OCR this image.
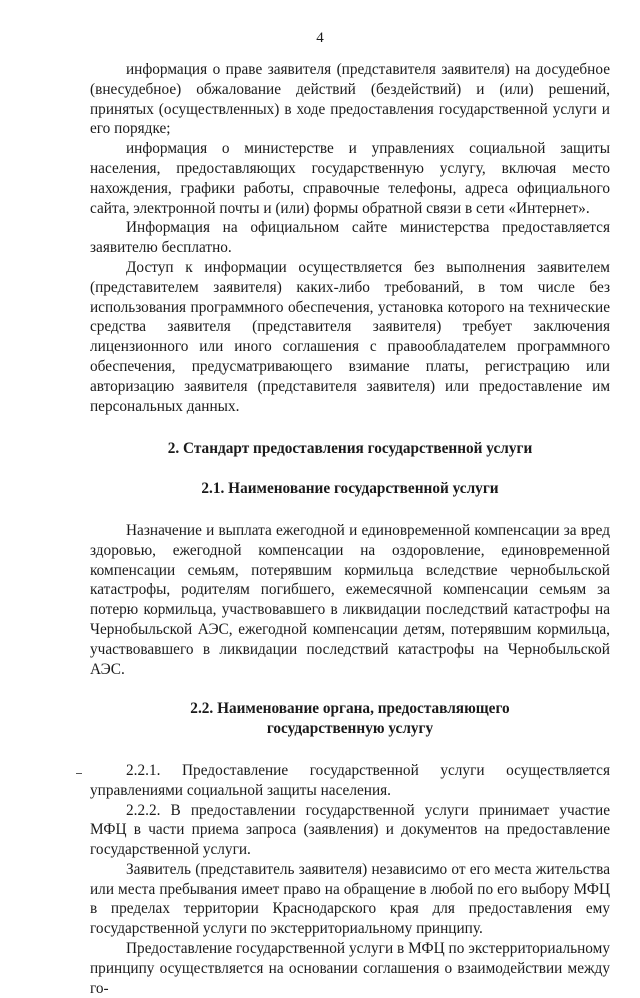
4

информация о праве заявителя (представителя заявителя) на досудебное (внесудебное) обжалование действий (бездействий) и (или) решений, принятых (осуществленных) в ходе предоставления государственной услуги и его порядке;

информация о министерстве и управлениях социальной защиты населения, предоставляющих государственную услугу, включая место нахождения, графики работы, справочные телефоны, адреса официального сайта, электронной почты и (или) формы обратной связи в сети «Интернет».

Информация на официальном сайте министерства предоставляется заявителю бесплатно.

Доступ к информации осуществляется без выполнения заявителем (представителем заявителя) каких-либо требований, в том числе без использования программного обеспечения, установка которого на технические средства заявителя (представителя заявителя) требует заключения лицензионного или иного соглашения с правообладателем программного обеспечения, предусматривающего взимание платы, регистрацию или авторизацию заявителя (представителя заявителя) или предоставление им персональных данных.

2. Стандарт предоставления государственной услуги
2.1. Наименование государственной услуги

Назначение и выплата ежегодной и единовременной компенсации за вред здоровью, ежегодной компенсации на оздоровление, единовременной компенсации семьям, потерявшим кормильца вследствие чернобыльской катастрофы, родителям погибшего, ежемесячной компенсации семьям за потерю кормильца, участвовавшего в ликвидации последствий катастрофы на Чернобыльской АЭС, ежегодной компенсации детям, потерявшим кормильца, участвовавшего в ликвидации последствий катастрофы на Чернобыльской АЭС.

2.2. Наименование органа, предоставляющего
государственную услугу

2.2.1. Предоставление государственной услуги осуществляется управлениями социальной защиты населения.

2.2.2. В предоставлении государственной услуги принимает участие МФЦ в части приема запроса (заявления) и документов на предоставление государственной услуги.

Заявитель (представитель заявителя) независимо от его места жительства или места пребывания имеет право на обращение в любой по его выбору МФЦ в пределах территории Краснодарского края для предоставления ему государственной услуги по экстерриториальному принципу.

Предоставление государственной услуги в МФЦ по экстерриториальному принципу осуществляется на основании соглашения о взаимодействии между го-
